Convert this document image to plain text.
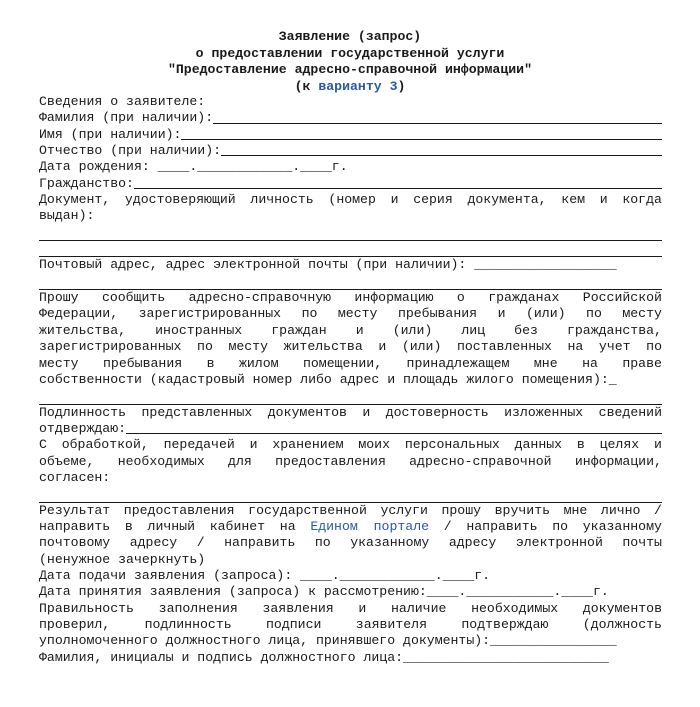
Заявление (запрос)
о предоставлении государственной услуги
"Предоставление адресно-справочной информации"
(к варианту 3)
Сведения о заявителе:
Фамилия (при наличии):
Имя (при наличии):
Отчество (при наличии):
Дата рождения: ____.____________.____г.
Гражданство:
Документ, удостоверяющий личность (номер и серия документа, кем и когда
выдан):
Почтовый адрес, адрес электронной почты (при наличии): __________________
Прошу сообщить адресно-справочную информацию о гражданах Российской
Федерации, зарегистрированных по месту пребывания и (или) по месту
жительства, иностранных граждан и (или) лиц без гражданства,
зарегистрированных по месту жительства и (или) поставленных на учет по
месту пребывания в жилом помещении, принадлежащем мне на праве
собственности (кадастровый номер либо адрес и площадь жилого помещения):_
Подлинность представленных документов и достоверность изложенных сведений
отдверждаю:
С обработкой, передачей и хранением моих персональных данных в целях и
объеме, необходимых для предоставления адресно-справочной информации,
согласен:
Результат предоставления государственной услуги прошу вручить мне лично /
направить в личный кабинет на Едином  портале / направить по указанному
почтовому адресу / направить по указанному адресу электронной почты
(ненужное зачеркнуть)
Дата подачи заявления (запроса): ____.____________.____г.
Дата принятия заявления (запроса) к рассмотрению:____.___________.____г.
Правильность заполнения заявления и наличие необходимых документов
проверил,	подлинность	подписи	заявителя	подтверждаю	(должность
уполномоченного должностного лица, принявшего документы):________________
Фамилия, инициалы и подпись должностного лица:__________________________
